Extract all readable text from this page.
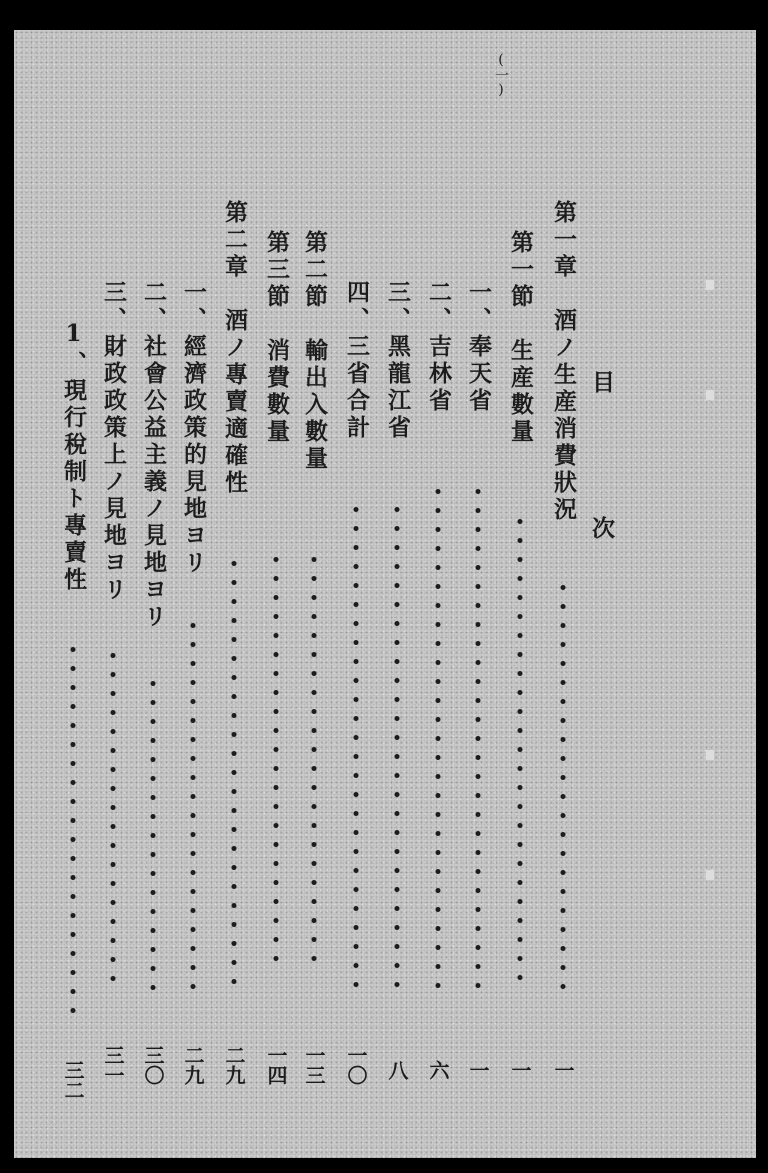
(一)
目　次
第一章　酒ノ生産消費狀況
一
第一節　生産數量
一
一、奉天省
一
二、吉林省
六
三、黑龍江省
八
四、三省合計
一〇
第二節　輸出入數量
一三
第三節　消費數量
一四
第二章　酒ノ專賣適確性
二九
一、經濟政策的見地ヨリ
二九
二、社會公益主義ノ見地ヨリ
三〇
三、財政政策上ノ見地ヨリ
三一
1、現行稅制ト專賣性
三二
